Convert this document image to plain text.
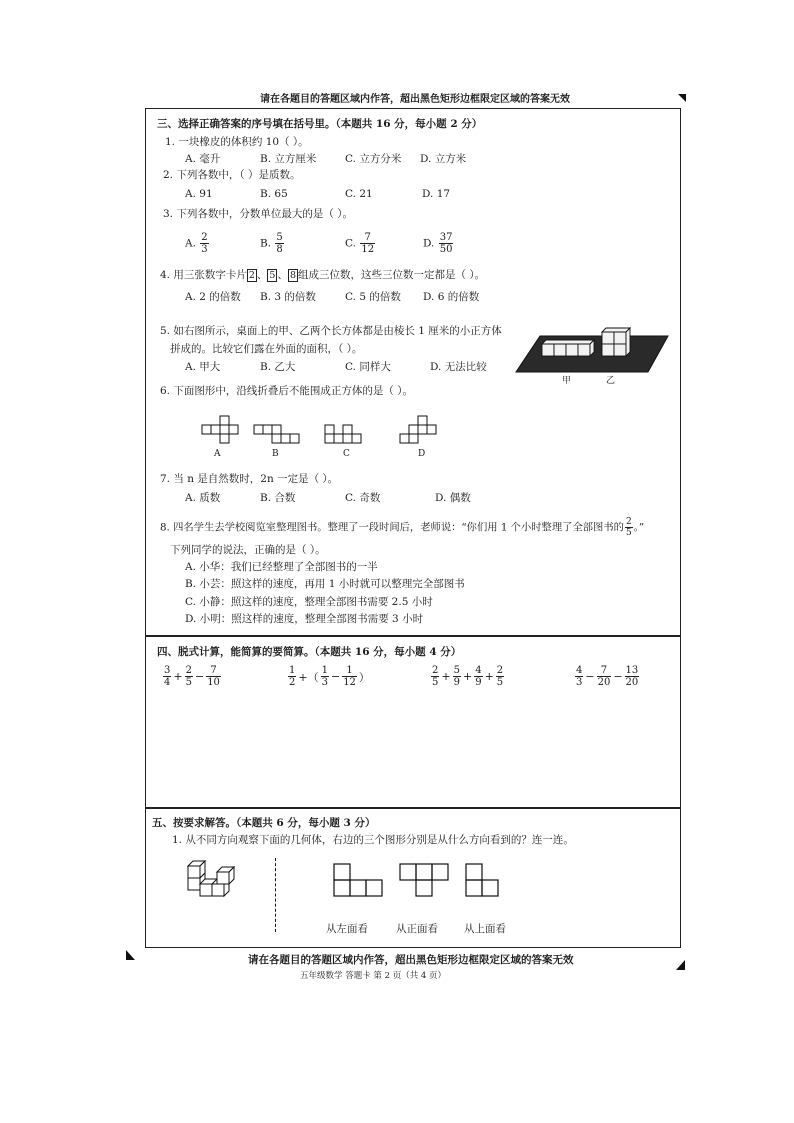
请在各题目的答题区域内作答，超出黑色矩形边框限定区域的答案无效
三、选择正确答案的序号填在括号里。（本题共 16 分，每小题 2 分）
1. 一块橡皮的体积约 10（ ）。
A. 毫升	B. 立方厘米	C. 立方分米 D. 立方米
2. 下列各数中，（ ）是质数。
A. 91	B. 65	C. 21	D. 17
3. 下列各数中，分数单位最大的是（ ）。
A. $\frac{2}{3}$	B. $\frac{5}{8}$	C. $\frac{7}{12}$	D. $\frac{37}{50}$
4. 用三张数字卡片 2 、 5 、 8 组成三位数，这些三位数一定都是（ ）。
A. 2 的倍数 B. 3 的倍数	C. 5 的倍数 D. 6 的倍数
5. 如右图所示，桌面上的甲、乙两个长方体都是由棱长 1 厘米的小正方体
拼成的。比较它们露在外面的面积，（ ）。
A. 甲大	B. 乙大	C. 同样大	D. 无法比较
甲	乙
6. 下面图形中，沿线折叠后不能围成正方体的是（ ）。
A	B	C	D
7. 当 n 是自然数时，2n 一定是（ ）。
A. 质数	B. 合数	C. 奇数	D. 偶数
8. 四名学生去学校阅览室整理图书。整理了一段时间后，老师说：“你们用 1 个小时整理了全部图书的 $\frac{2}{5}$ 。”
下列同学的说法，正确的是（ ）。
A. 小华：我们已经整理了全部图书的一半
B. 小芸：照这样的速度，再用 1 小时就可以整理完全部图书
C. 小静：照这样的速度，整理全部图书需要 2.5 小时
D. 小明：照这样的速度，整理全部图书需要 3 小时
四、脱式计算，能简算的要简算。（本题共 16 分，每小题 4 分）
$\frac{3}{4} + \frac{2}{5} - \frac{7}{10}$	$\frac{1}{2}$ +（ $\frac{1}{3} - \frac{1}{12}$ ）	$\frac{2}{5} + \frac{5}{9} + \frac{4}{9} + \frac{2}{5}$	$\frac{4}{3} - \frac{7}{20} - \frac{13}{20}$
五、按要求解答。（本题共 6 分，每小题 3 分）
1. 从不同方向观察下面的几何体，右边的三个图形分别是从什么方向看到的？连一连。
从左面看	从正面看 从上面看
请在各题目的答题区域内作答，超出黑色矩形边框限定区域的答案无效
五年级数学 答题卡 第 2 页（共 4 页）
